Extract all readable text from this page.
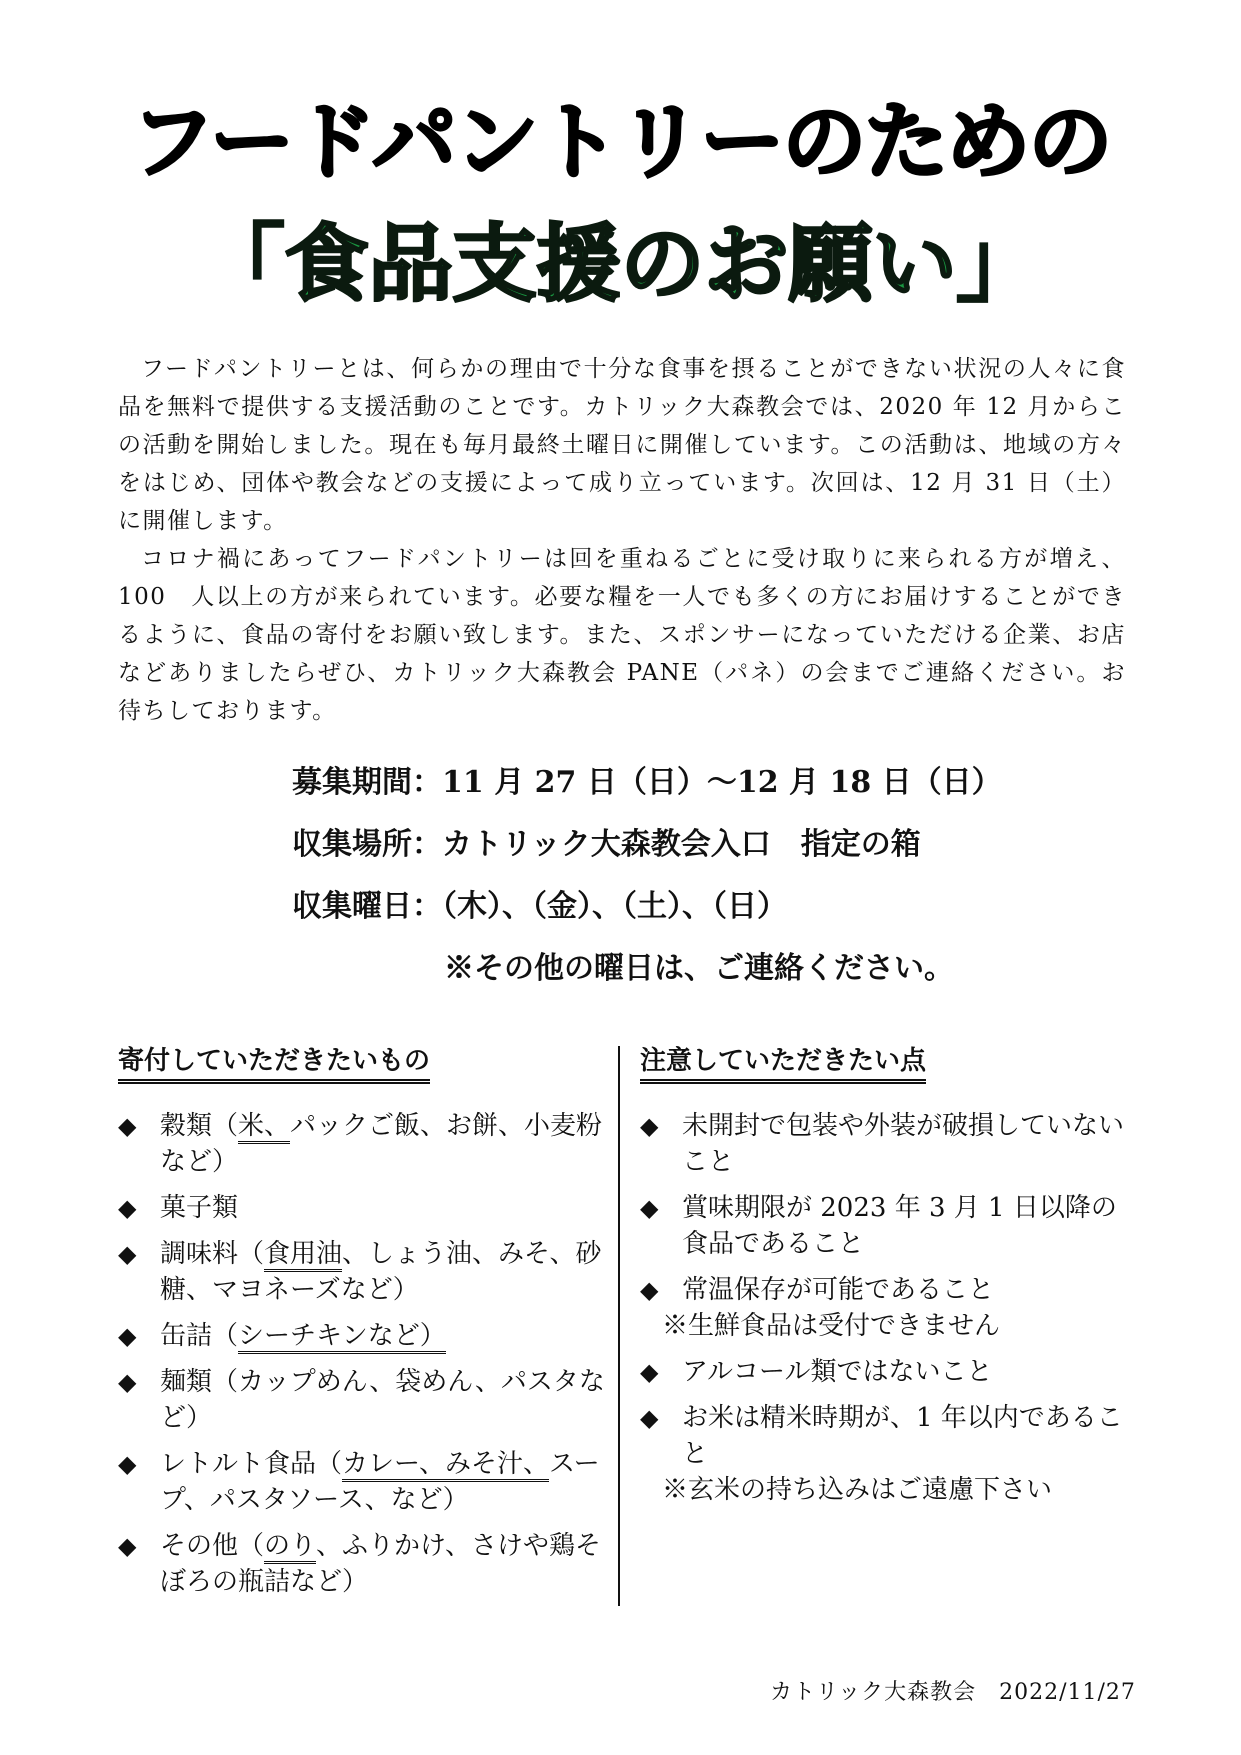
フードパントリーのための
「食品支援のお願い」

フードパントリーとは、何らかの理由で十分な食事を摂ることができない状況の人々に食品を無料で提供する支援活動のことです。カトリック大森教会では、2020 年 12 月からこの活動を開始しました。現在も毎月最終土曜日に開催しています。この活動は、地域の方々をはじめ、団体や教会などの支援によって成り立っています。次回は、12 月 31 日（土）に開催します。

コロナ禍にあってフードパントリーは回を重ねるごとに受け取りに来られる方が増え、100　人以上の方が来られています。必要な糧を一人でも多くの方にお届けすることができるように、食品の寄付をお願い致します。また、スポンサーになっていただける企業、お店などありましたらぜひ、カトリック大森教会 PANE（パネ）の会までご連絡ください。お待ちしております。

募集期間：11 月 27 日（日）～12 月 18 日（日）
収集場所：カトリック大森教会入口　指定の箱
収集曜日：（木）、（金）、（土）、（日）
※その他の曜日は、ご連絡ください。
寄付していただきたいもの
◆ 穀類（米、パックご飯、お餅、小麦粉など）
◆ 菓子類
◆ 調味料（食用油、しょう油、みそ、砂糖、マヨネーズなど）
◆ 缶詰（シーチキンなど）
◆ 麺類（カップめん、袋めん、パスタなど）
◆ レトルト食品（カレー、みそ汁、スープ、パスタソース、など）
◆ その他（のり、ふりかけ、さけや鶏そぼろの瓶詰など）
注意していただきたい点
◆ 未開封で包装や外装が破損していないこと
◆ 賞味期限が 2023 年 3 月 1 日以降の食品であること
◆ 常温保存が可能であること
※生鮮食品は受付できません
◆ アルコール類ではないこと
◆ お米は精米時期が、1 年以内であること
※玄米の持ち込みはご遠慮下さい
カトリック大森教会　2022/11/27
